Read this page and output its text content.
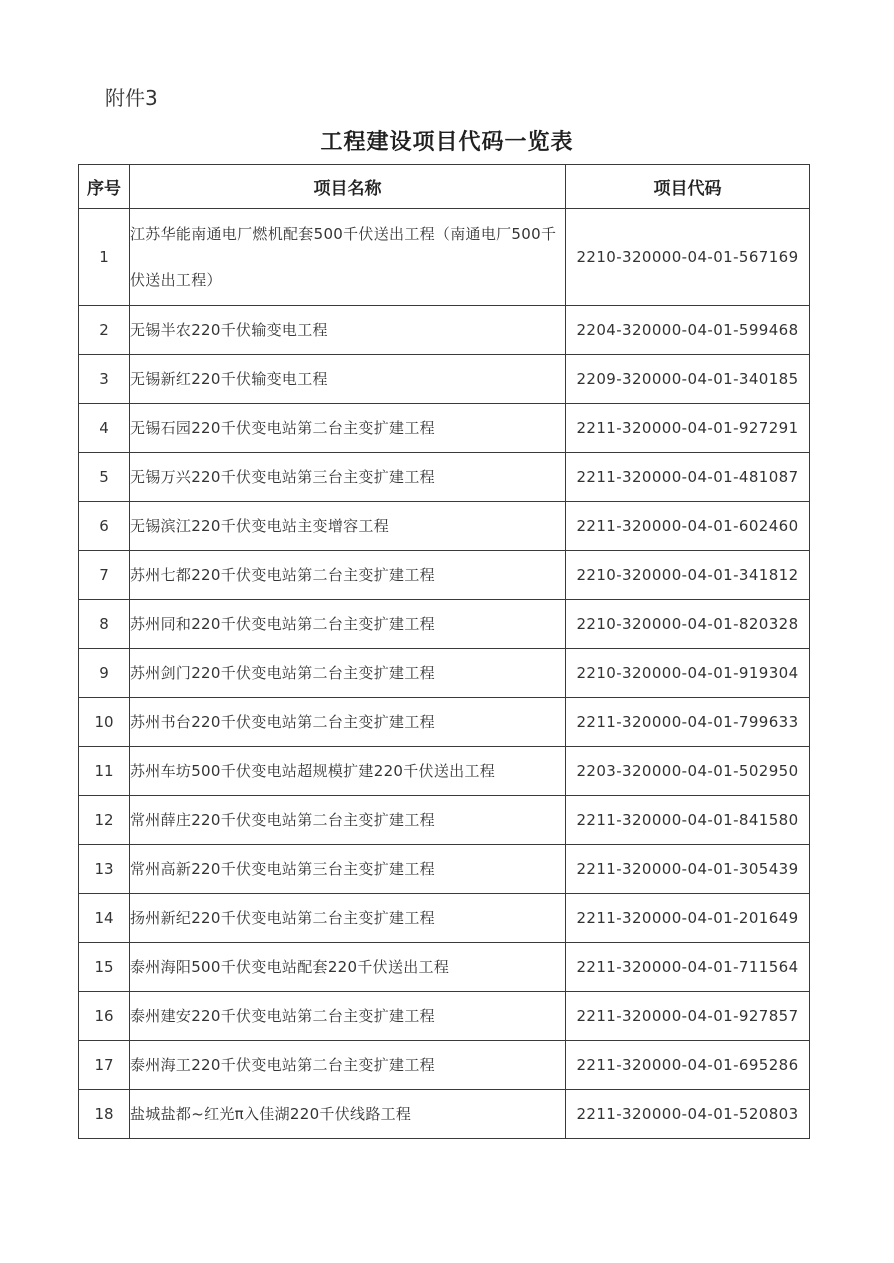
附件3
工程建设项目代码一览表
序号	项目名称	项目代码
1	江苏华能南通电厂燃机配套500千伏送出工程（南通电厂500千伏送出工程）	2210-320000-04-01-567169
2	无锡半农220千伏输变电工程	2204-320000-04-01-599468
3	无锡新红220千伏输变电工程	2209-320000-04-01-340185
4	无锡石园220千伏变电站第二台主变扩建工程	2211-320000-04-01-927291
5	无锡万兴220千伏变电站第三台主变扩建工程	2211-320000-04-01-481087
6	无锡滨江220千伏变电站主变增容工程	2211-320000-04-01-602460
7	苏州七都220千伏变电站第二台主变扩建工程	2210-320000-04-01-341812
8	苏州同和220千伏变电站第二台主变扩建工程	2210-320000-04-01-820328
9	苏州剑门220千伏变电站第二台主变扩建工程	2210-320000-04-01-919304
10	苏州书台220千伏变电站第二台主变扩建工程	2211-320000-04-01-799633
11	苏州车坊500千伏变电站超规模扩建220千伏送出工程	2203-320000-04-01-502950
12	常州薛庄220千伏变电站第二台主变扩建工程	2211-320000-04-01-841580
13	常州高新220千伏变电站第三台主变扩建工程	2211-320000-04-01-305439
14	扬州新纪220千伏变电站第二台主变扩建工程	2211-320000-04-01-201649
15	泰州海阳500千伏变电站配套220千伏送出工程	2211-320000-04-01-711564
16	泰州建安220千伏变电站第二台主变扩建工程	2211-320000-04-01-927857
17	泰州海工220千伏变电站第二台主变扩建工程	2211-320000-04-01-695286
18	盐城盐都~红光π入佳湖220千伏线路工程	2211-320000-04-01-520803
